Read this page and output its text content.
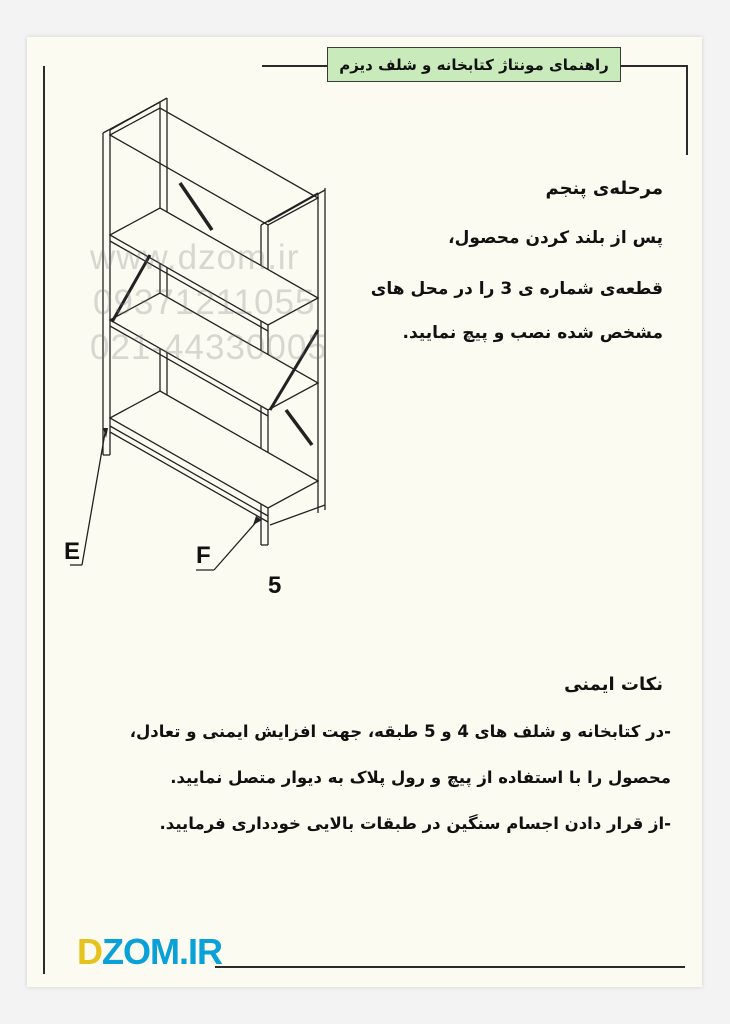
راهنمای مونتاژ کتابخانه و شلف دیزم
www.dzom.ir
09371211055
021-44330005
E	F
5
مرحله‌ی پنجم
پس از بلند کردن محصول،
قطعه‌ی شماره ی 3 را در محل های
مشخص شده نصب و پیچ نمایید.
نکات ایمنی
-در کتابخانه و شلف های 4 و 5 طبقه، جهت افزایش ایمنی و تعادل،
محصول را با استفاده از پیچ و رول پلاک به دیوار متصل نمایید.
-از قرار دادن اجسام سنگین در طبقات بالایی خودداری فرمایید.
DZOM.IR
